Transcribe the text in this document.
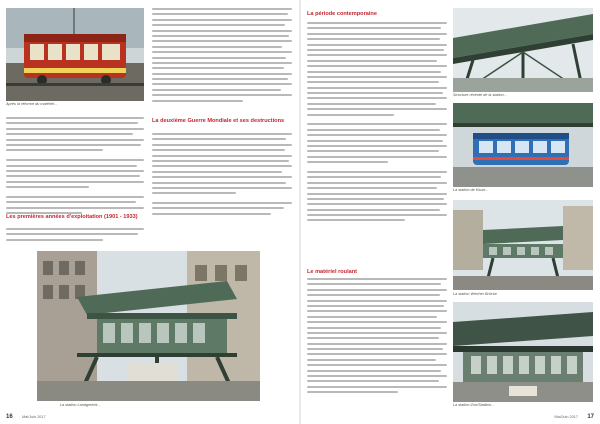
Après la réforme du matériel...
Les premières années d'exploitation (1901 - 1933)
La deuxième Guerre Mondiale et ses destructions
La station Landgericht...
16 Mai/Juin 2017
La période contemporaine
Le matériel roulant
Structure récente de la station...
La station de Kluse...
La station Werther Brücke
La station Zoo/Stadion...
Mai/Juin 2017 17
